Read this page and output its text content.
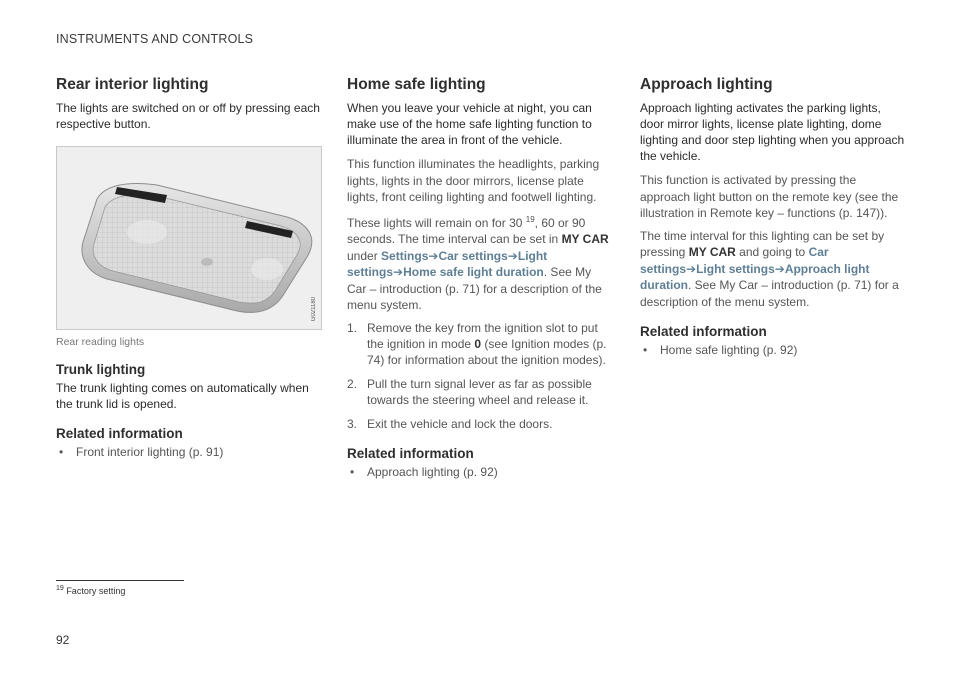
INSTRUMENTS AND CONTROLS
Rear interior lighting

The lights are switched on or off by pressing each respective button.

G021180
Rear reading lights
Trunk lighting

The trunk lighting comes on automatically when the trunk lid is opened.

Related information
• Front interior lighting (p. 91)
Home safe lighting

When you leave your vehicle at night, you can make use of the home safe lighting function to illuminate the area in front of the vehicle.

This function illuminates the headlights, parking lights, lights in the door mirrors, license plate lights, front ceiling lighting and footwell lighting.

These lights will remain on for 30 $^{19}$, 60 or 90 seconds. The time interval can be set in MY CAR under Settings➔Car settings➔Light settings➔Home safe light duration. See My Car – introduction (p. 71) for a description of the menu system.

1. Remove the key from the ignition slot to put the ignition in mode 0 (see Ignition modes (p. 74) for information about the ignition modes).
2. Pull the turn signal lever as far as possible towards the steering wheel and release it.
3. Exit the vehicle and lock the doors.
Related information
• Approach lighting (p. 92)
Approach lighting

Approach lighting activates the parking lights, door mirror lights, license plate lighting, dome lighting and door step lighting when you approach the vehicle.

This function is activated by pressing the approach light button on the remote key (see the illustration in Remote key – functions (p. 147)).

The time interval for this lighting can be set by pressing MY CAR and going to Car settings➔Light settings➔Approach light duration. See My Car – introduction (p. 71) for a description of the menu system.

Related information
• Home safe lighting (p. 92)
$^{19}$ Factory setting
92
